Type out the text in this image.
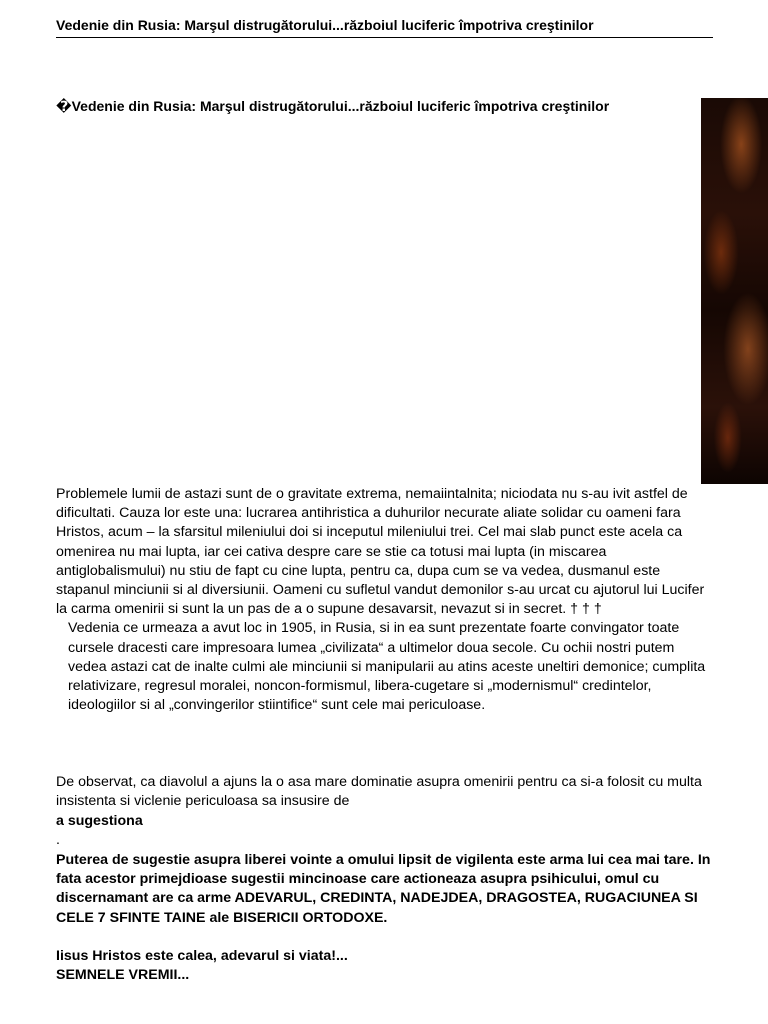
Vedenie din Rusia: Marşul distrugătorului...războiul luciferic împotriva creştinilor
�Vedenie din Rusia: Marşul distrugătorului...războiul luciferic împotriva creştinilor

Problemele lumii de astazi sunt de o gravitate extrema, nemaiintalnita; niciodata nu s-au ivit astfel de dificultati. Cauza lor este una: lucrarea antihristica a duhurilor necurate aliate solidar cu oameni fara Hristos, acum – la sfarsitul mileniului doi si inceputul mileniului trei. Cel mai slab punct este acela ca omenirea nu mai lupta, iar cei cativa despre care se stie ca totusi mai lupta (in miscarea antiglobalismului) nu stiu de fapt cu cine lupta, pentru ca, dupa cum se va vedea, dusmanul este stapanul minciunii si al diversiunii. Oameni cu sufletul vandut demonilor s-au urcat cu ajutorul lui Lucifer la carma omenirii si sunt la un pas de a o supune desavarsit, nevazut si in secret. † † †

Vedenia ce urmeaza a avut loc in 1905, in Rusia, si in ea sunt prezentate foarte convingator toate cursele dracesti care impresoara lumea „civilizata“ a ultimelor doua secole. Cu ochii nostri putem vedea astazi cat de inalte culmi ale minciunii si manipularii au atins aceste uneltiri demonice; cumplita relativizare, regresul moralei, noncon-formismul, libera-cugetare si „modernismul“ credintelor, ideologiilor si al „convingerilor stiintifice“ sunt cele mai periculoase.

De observat, ca diavolul a ajuns la o asa mare dominatie asupra omenirii pentru ca si-a folosit cu multa insistenta si viclenie periculoasa sa insusire de
a sugestiona
.
Puterea de sugestie asupra liberei vointe a omului lipsit de vigilenta este arma lui cea mai tare. In fata acestor primejdioase sugestii mincinoase care actioneaza asupra psihicului, omul cu discernamant are ca arme ADEVARUL, CREDINTA, NADEJDEA, DRAGOSTEA, RUGACIUNEA SI CELE 7 SFINTE TAINE ale BISERICII ORTODOXE.
Iisus Hristos este calea, adevarul si viata!...
SEMNELE VREMII...
